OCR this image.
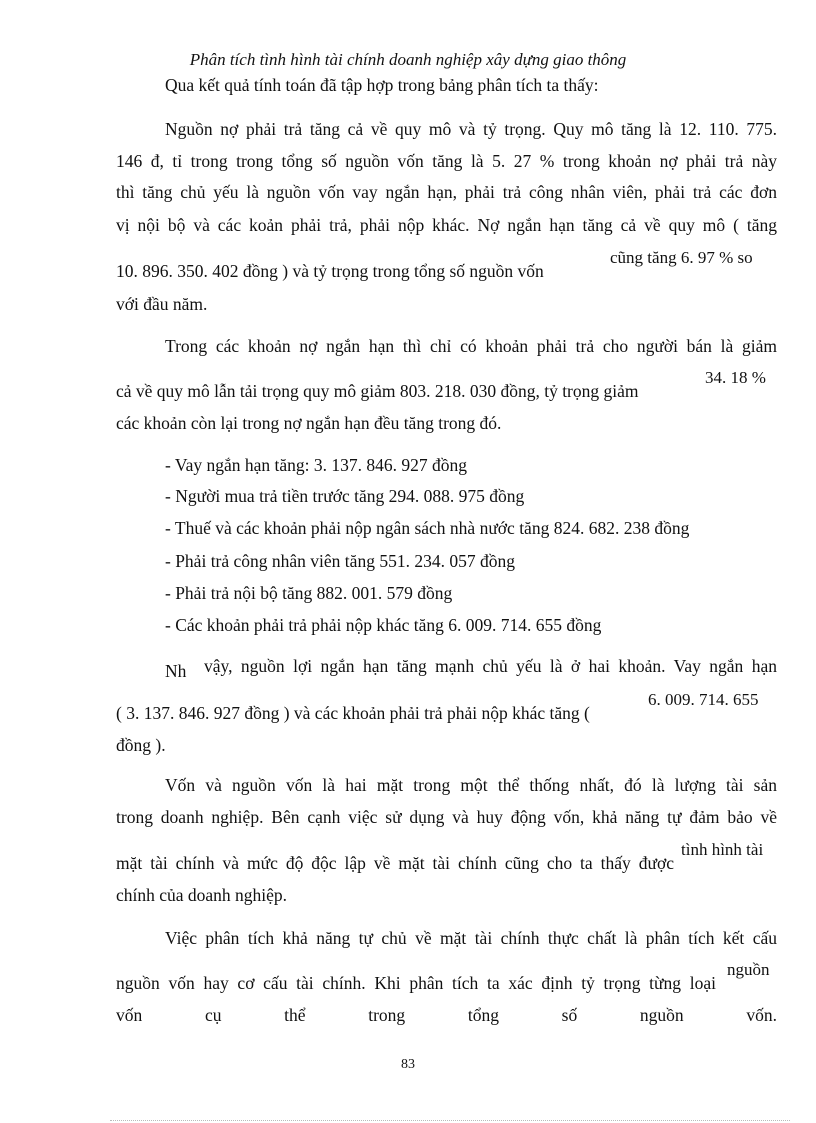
Phân tích tình hình tài chính doanh nghiệp xây dựng giao thông
Qua kết quả tính toán đã tập hợp trong bảng phân tích ta thấy:
Nguồn nợ phải trả tăng cả về quy mô và tỷ trọng. Quy mô tăng là 12. 110. 775.
146 đ, tỉ trong trong tổng số nguồn vốn tăng là 5. 27 % trong khoản nợ phải trả này
thì tăng chủ yếu là nguồn vốn vay ngắn hạn, phải trả công nhân viên, phải trả các đơn
vị nội bộ và các koản phải trả, phải nộp khác. Nợ ngắn hạn tăng cả về quy mô ( tăng
10. 896. 350. 402 đồng ) và tỷ trọng trong tổng số nguồn vốn
cũng tăng 6. 97 % so
với đầu năm.
Trong các khoản nợ ngắn hạn thì chỉ có khoản phải trả cho người bán là giảm
cả về quy mô lẫn tải trọng quy mô giảm 803. 218. 030 đồng, tỷ trọng giảm
34. 18 %
các khoản còn lại trong nợ ngắn hạn đều tăng trong đó.
- Vay ngắn hạn tăng: 3. 137. 846. 927 đồng
- Người mua trả tiền trước tăng 294. 088. 975 đồng
- Thuế và các khoản phải nộp ngân sách nhà nước tăng 824. 682. 238 đồng
- Phải trả công nhân viên tăng 551. 234. 057 đồng
- Phải trả nội bộ tăng 882. 001. 579 đồng
- Các khoản phải trả phải nộp khác tăng 6. 009. 714. 655 đồng
Nh vậy, nguồn lợi ngắn hạn tăng mạnh chủ yếu là ở hai khoản. Vay ngắn hạn
( 3. 137. 846. 927 đồng ) và các khoản phải trả phải nộp khác tăng (
6. 009. 714. 655
đồng ).
Vốn và nguồn vốn là hai mặt trong một thể thống nhất, đó là lượng tài sản
trong doanh nghiệp. Bên cạnh việc sử dụng và huy động vốn, khả năng tự đảm bảo về
mặt tài chính và mức độ độc lập về mặt tài chính cũng cho ta thấy được
tình hình tài
chính của doanh nghiệp.
Việc phân tích khả năng tự chủ về mặt tài chính thực chất là phân tích kết cấu
nguồn vốn hay cơ cấu tài chính. Khi phân tích ta xác định tỷ trọng từng loại
nguồn
vốn cụ thể trong tổng số nguồn vốn.
83
